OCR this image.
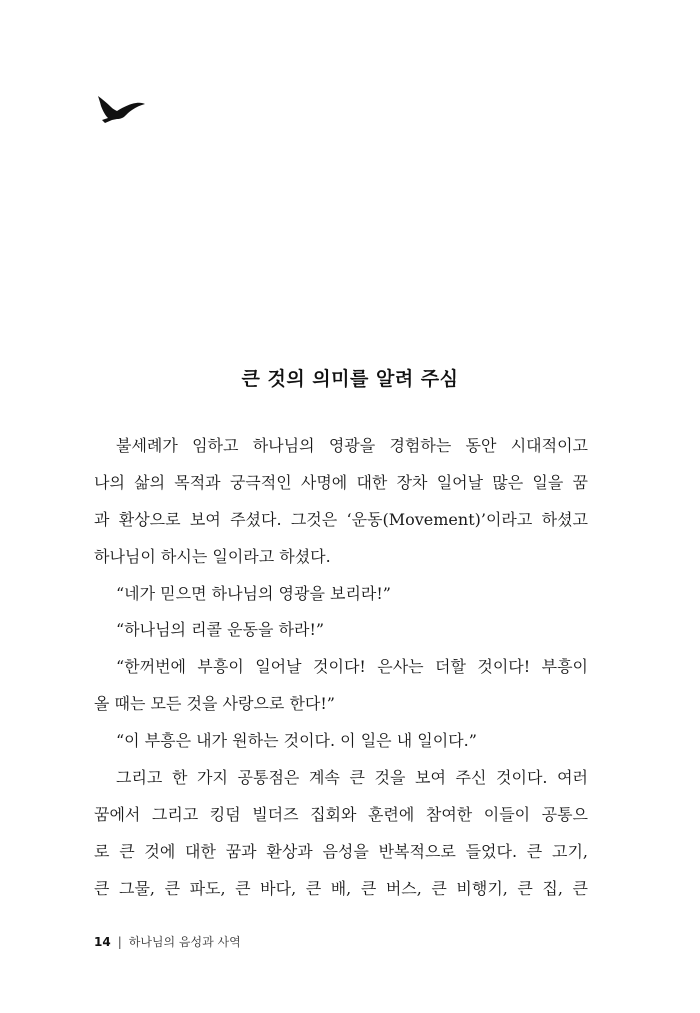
큰 것의 의미를 알려 주심
불세례가 임하고 하나님의 영광을 경험하는 동안 시대적이고
나의 삶의 목적과 궁극적인 사명에 대한 장차 일어날 많은 일을 꿈
과 환상으로 보여 주셨다. 그것은 ‘운동(Movement)’이라고 하셨고
하나님이 하시는 일이라고 하셨다.
“네가 믿으면 하나님의 영광을 보리라!”
“하나님의 리콜 운동을 하라!”
“한꺼번에 부흥이 일어날 것이다! 은사는 더할 것이다! 부흥이
올 때는 모든 것을 사랑으로 한다!”
“이 부흥은 내가 원하는 것이다. 이 일은 내 일이다.”
그리고 한 가지 공통점은 계속 큰 것을 보여 주신 것이다. 여러
꿈에서 그리고 킹덤 빌더즈 집회와 훈련에 참여한 이들이 공통으
로 큰 것에 대한 꿈과 환상과 음성을 반복적으로 들었다. 큰 고기,
큰 그물, 큰 파도, 큰 바다, 큰 배, 큰 버스, 큰 비행기, 큰 집, 큰
14 | 하나님의 음성과 사역
